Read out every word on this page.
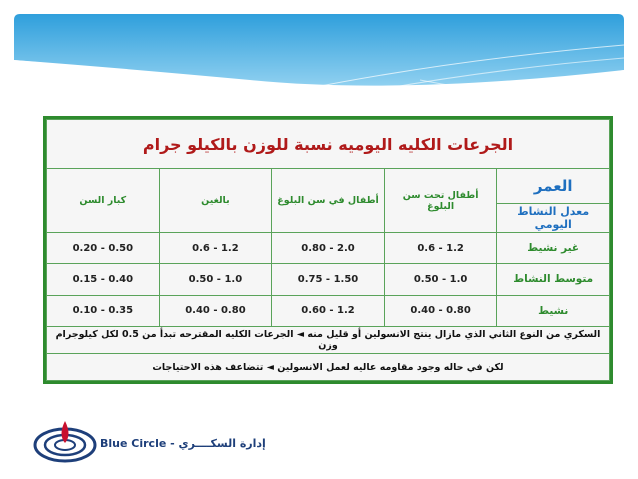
الجرعات الكليه اليوميه نسبة للوزن بالكيلو جرام				
العمر	أطفال تحت سن البلوغ	أطفال في سن البلوغ	بالغين	كبار السن
معدل النشاط اليومي				
غير نشيط	0.6 - 1.2	0.80 - 2.0	0.6 - 1.2	0.20 - 0.50
متوسط النشاط	0.50 - 1.0	0.75 - 1.50	0.50 - 1.0	0.15 - 0.40
نشيط	0.40 - 0.80	0.60 - 1.2	0.40 - 0.80	0.10 - 0.35
السكري من النوع الثاني الذي مازال ينتج الانسولين أو قليل منه ◄ الجرعات الكليه المقترحه تبدأ من 0.5 لكل كيلوجرام وزن				
لكن في حاله وجود مقاومه عاليه لعمل الانسولين ◄ تتضاعف هذه الاحتياجات				
Blue Circle - إدارة السكــــري
